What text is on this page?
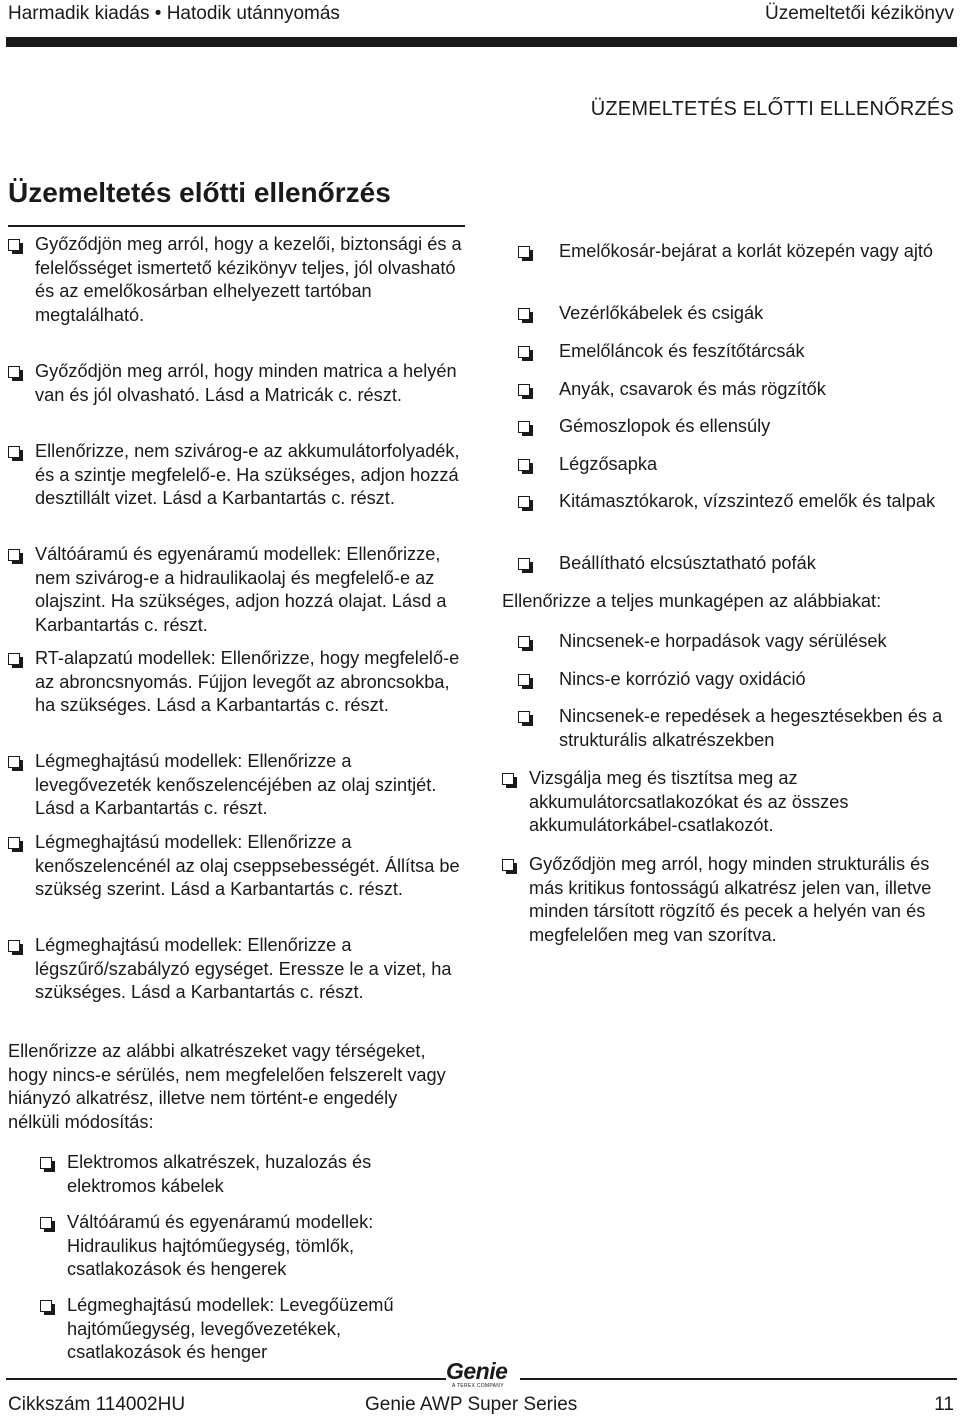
Harmadik kiadás • Hatodik utánnyomás	Üzemeltetői kézikönyv
ÜZEMELTETÉS ELŐTTI ELLENŐRZÉS
Üzemeltetés előtti ellenőrzés
Győződjön meg arról, hogy a kezelői, biztonsági és a felelősséget ismertető kézikönyv teljes, jól olvasható és az emelőkosárban elhelyezett tartóban megtalálható.
Győződjön meg arról, hogy minden matrica a helyén van és jól olvasható. Lásd a Matricák c. részt.
Ellenőrizze, nem szivárog-e az akkumulátorfolyadék, és a szintje megfelelő-e. Ha szükséges, adjon hozzá desztillált vizet. Lásd a Karbantartás c. részt.
Váltóáramú és egyenáramú modellek: Ellenőrizze, nem szivárog-e a hidraulikaolaj és megfelelő-e az olajszint. Ha szükséges, adjon hozzá olajat. Lásd a Karbantartás c. részt.
RT-alapzatú modellek: Ellenőrizze, hogy megfelelő-e az abroncsnyomás. Fújjon levegőt az abroncsokba, ha szükséges. Lásd a Karbantartás c. részt.
Légmeghajtású modellek: Ellenőrizze a levegővezeték kenőszelencéjében az olaj szintjét. Lásd a Karbantartás c. részt.
Légmeghajtású modellek: Ellenőrizze a kenőszelencénél az olaj cseppsebességét. Állítsa be szükség szerint. Lásd a Karbantartás c. részt.
Légmeghajtású modellek: Ellenőrizze a légszűrő/szabályzó egységet. Eressze le a vizet, ha szükséges. Lásd a Karbantartás c. részt.
Ellenőrizze az alábbi alkatrészeket vagy térségeket, hogy nincs-e sérülés, nem megfelelően felszerelt vagy hiányzó alkatrész, illetve nem történt-e engedély nélküli módosítás:
Elektromos alkatrészek, huzalozás és elektromos kábelek
Váltóáramú és egyenáramú modellek: Hidraulikus hajtóműegység, tömlők, csatlakozások és hengerek
Légmeghajtású modellek: Levegőüzemű hajtóműegység, levegővezetékek, csatlakozások és henger
Emelőkosár-bejárat a korlát közepén vagy ajtó
Vezérlőkábelek és csigák
Emelőláncok és feszítőtárcsák
Anyák, csavarok és más rögzítők
Gémoszlopok és ellensúly
Légzősapka
Kitámasztókarok, vízszintező emelők és talpak
Beállítható elcsúsztatható pofák
Ellenőrizze a teljes munkagépen az alábbiakat:
Nincsenek-e horpadások vagy sérülések
Nincs-e korrózió vagy oxidáció
Nincsenek-e repedések a hegesztésekben és a strukturális alkatrészekben
Vizsgálja meg és tisztítsa meg az akkumulátorcsatlakozókat és az összes akkumulátorkábel-csatlakozót.
Győződjön meg arról, hogy minden strukturális és más kritikus fontosságú alkatrész jelen van, illetve minden társított rögzítő és pecek a helyén van és megfelelően meg van szorítva.
Genie
A TEREX COMPANY
Cikkszám 114002HU	Genie AWP Super Series	11
